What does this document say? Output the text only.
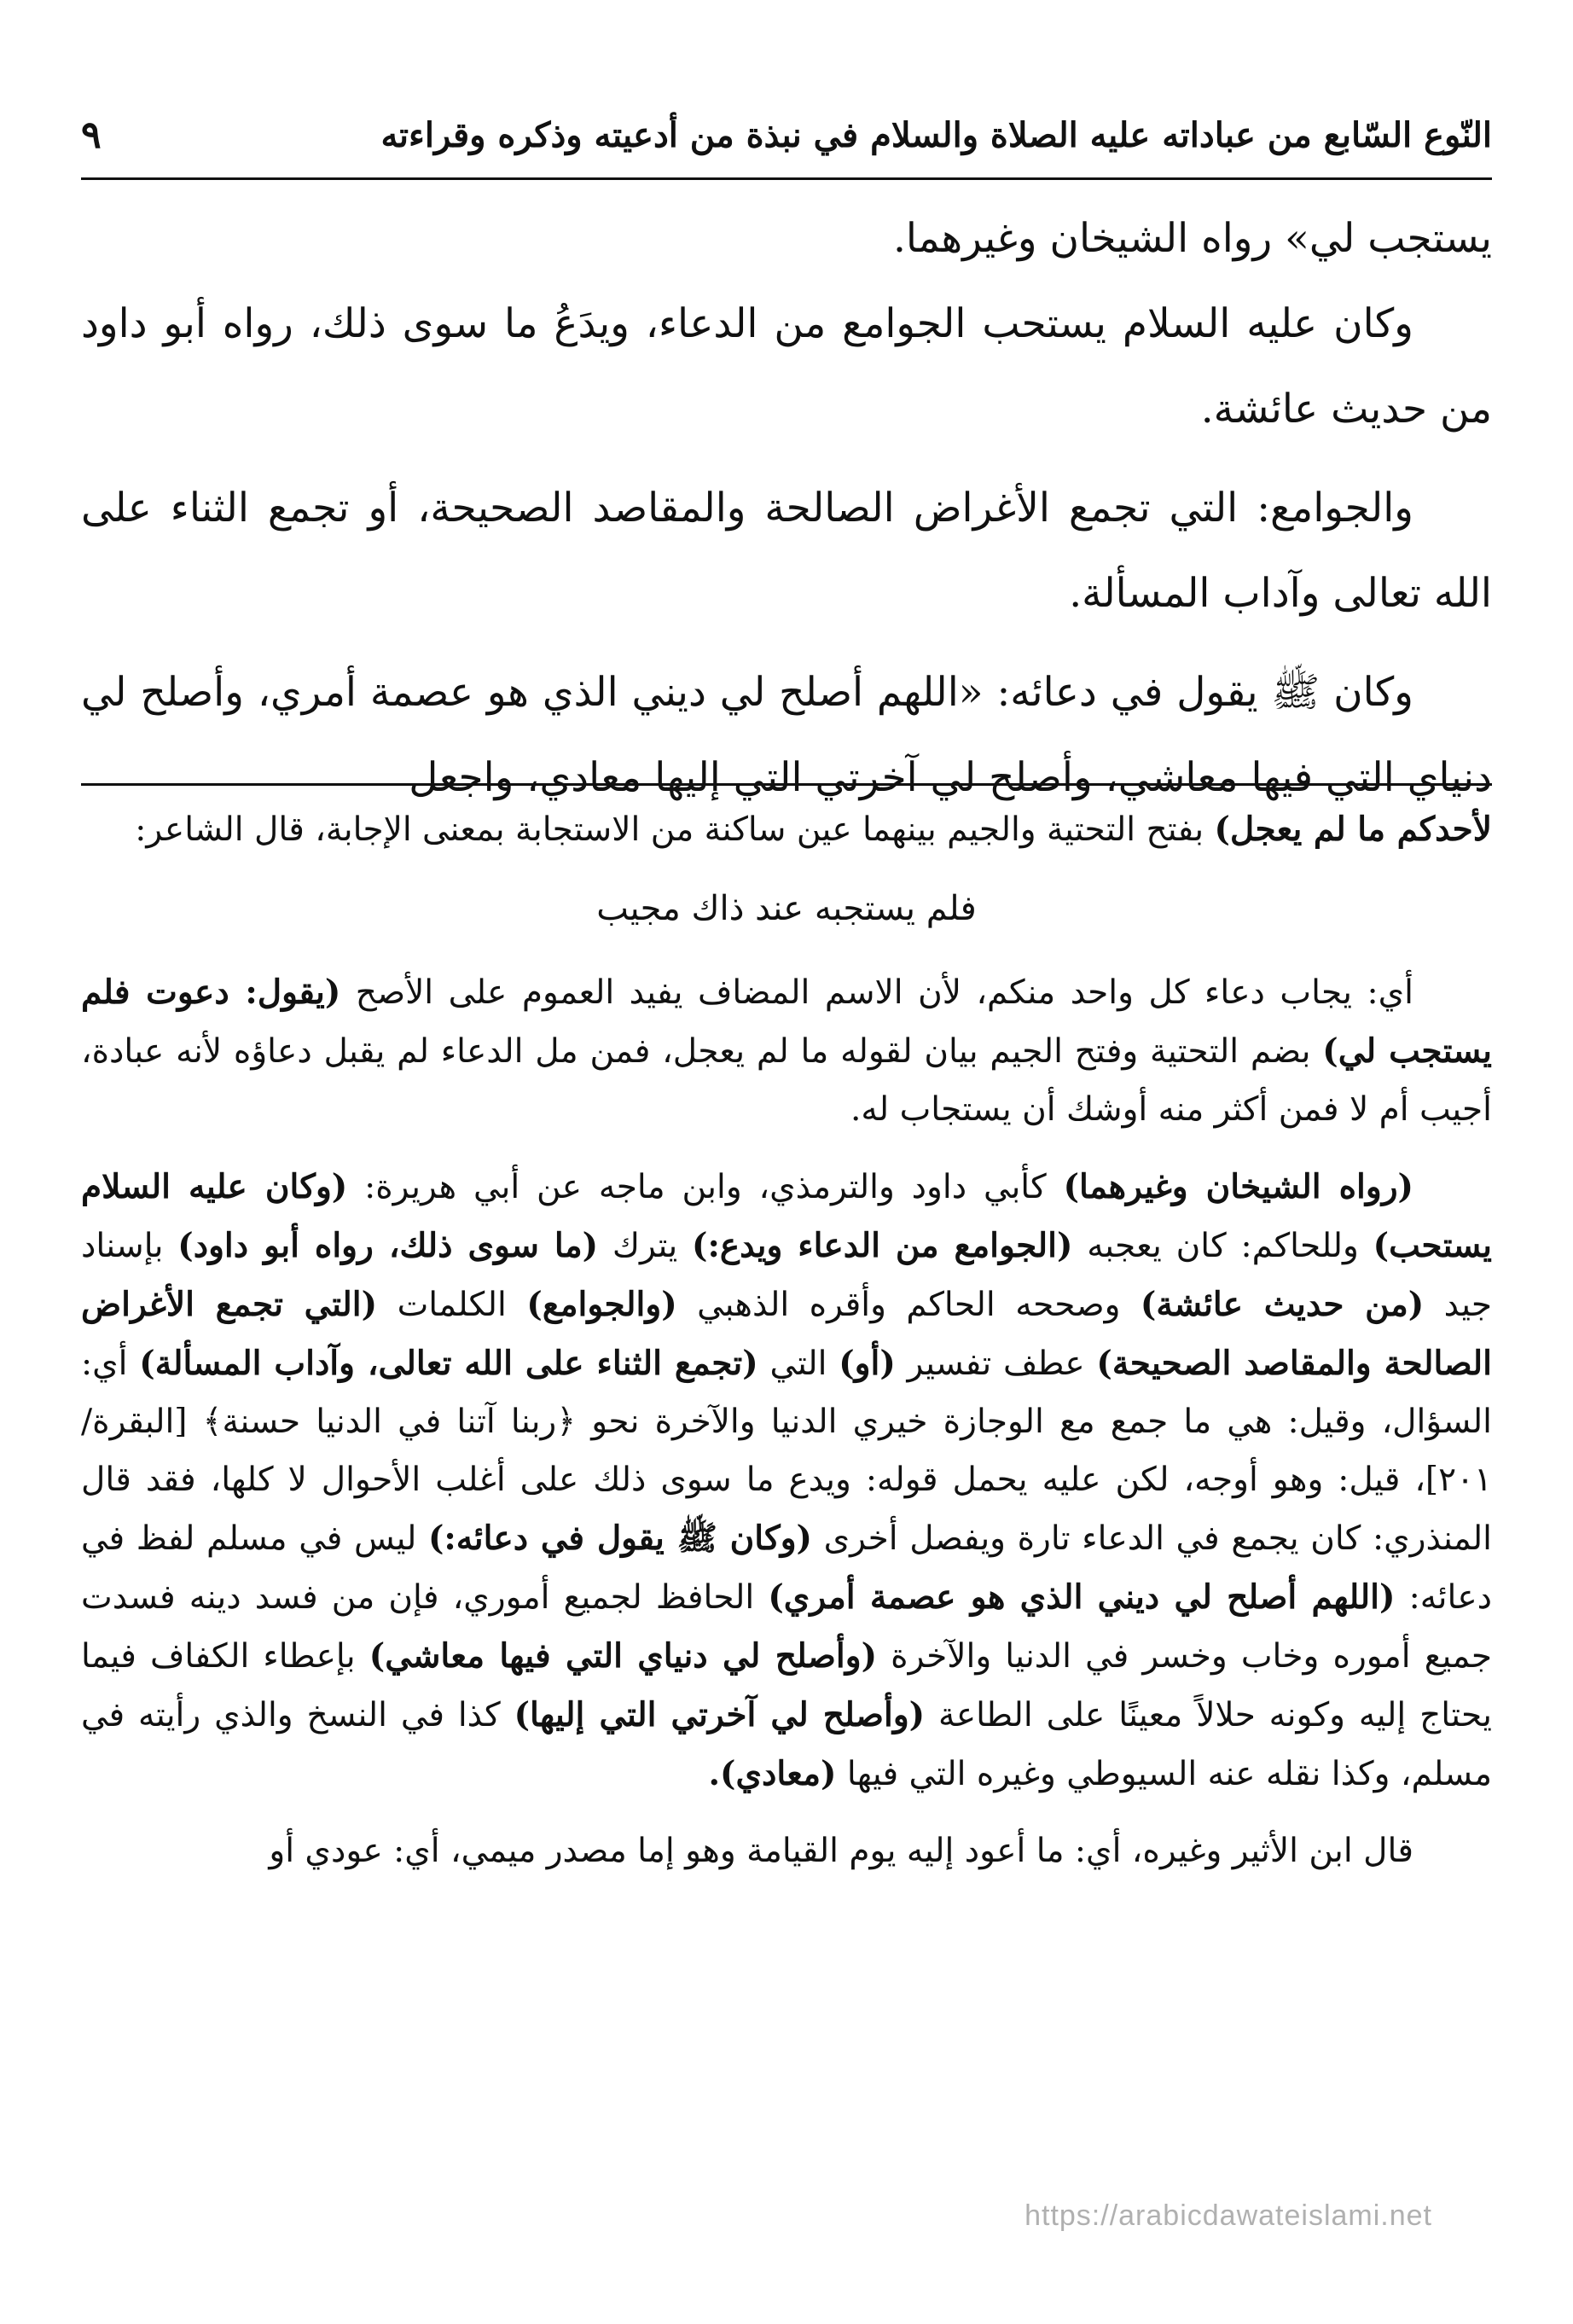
٩	النّوع السّابع من عباداته عليه الصلاة والسلام في نبذة من أدعيته وذكره وقراءته

يستجب لي» رواه الشيخان وغيرهما.

وكان عليه السلام يستحب الجوامع من الدعاء، ويدَعُ ما سوى ذلك، رواه أبو داود من حديث عائشة.

والجوامع: التي تجمع الأغراض الصالحة والمقاصد الصحيحة، أو تجمع الثناء على الله تعالى وآداب المسألة.

وكان ﷺ يقول في دعائه: «اللهم أصلح لي ديني الذي هو عصمة أمري، وأصلح لي دنياي التي فيها معاشي، وأصلح لي آخرتي التي إليها معادي، واجعل

لأحدكم ما لم يعجل) بفتح التحتية والجيم بينهما عين ساكنة من الاستجابة بمعنى الإجابة، قال الشاعر:

فلم يستجبه عند ذاك مجيب

أي: يجاب دعاء كل واحد منكم، لأن الاسم المضاف يفيد العموم على الأصح (يقول: دعوت فلم يستجب لي) بضم التحتية وفتح الجيم بيان لقوله ما لم يعجل، فمن مل الدعاء لم يقبل دعاؤه لأنه عبادة، أجيب أم لا فمن أكثر منه أوشك أن يستجاب له.

(رواه الشيخان وغيرهما) كأبي داود والترمذي، وابن ماجه عن أبي هريرة: (وكان عليه السلام يستحب) وللحاكم: كان يعجبه (الجوامع من الدعاء ويدع:) يترك (ما سوى ذلك، رواه أبو داود) بإسناد جيد (من حديث عائشة) وصححه الحاكم وأقره الذهبي (والجوامع) الكلمات (التي تجمع الأغراض الصالحة والمقاصد الصحيحة) عطف تفسير (أو) التي (تجمع الثناء على الله تعالى، وآداب المسألة) أي: السؤال، وقيل: هي ما جمع مع الوجازة خيري الدنيا والآخرة نحو ﴿ربنا آتنا في الدنيا حسنة﴾ [البقرة/ ٢٠١]، قيل: وهو أوجه، لكن عليه يحمل قوله: ويدع ما سوى ذلك على أغلب الأحوال لا كلها، فقد قال المنذري: كان يجمع في الدعاء تارة ويفصل أخرى (وكان ﷺ يقول في دعائه:) ليس في مسلم لفظ في دعائه: (اللهم أصلح لي ديني الذي هو عصمة أمري) الحافظ لجميع أموري، فإن من فسد دينه فسدت جميع أموره وخاب وخسر في الدنيا والآخرة (وأصلح لي دنياي التي فيها معاشي) بإعطاء الكفاف فيما يحتاج إليه وكونه حلالاً معينًا على الطاعة (وأصلح لي آخرتي التي إليها) كذا في النسخ والذي رأيته في مسلم، وكذا نقله عنه السيوطي وغيره التي فيها (معادي).

قال ابن الأثير وغيره، أي: ما أعود إليه يوم القيامة وهو إما مصدر ميمي، أي: عودي أو

https://arabicdawateislami.net
